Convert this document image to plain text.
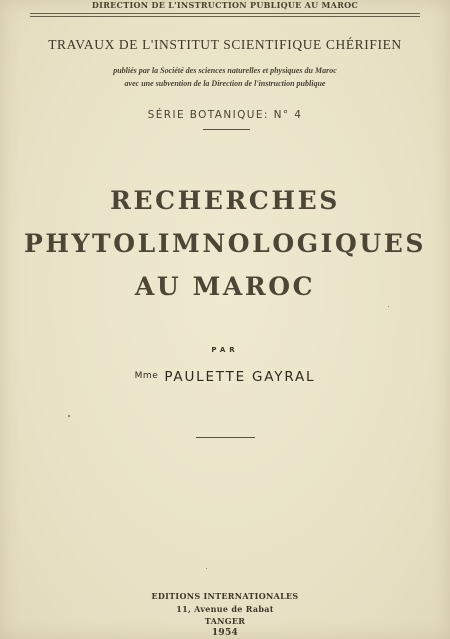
DIRECTION DE L'INSTRUCTION PUBLIQUE AU MAROC
TRAVAUX DE L'INSTITUT SCIENTIFIQUE CHÉRIFIEN
publiés par la Société des sciences naturelles et physiques du Maroc
avec une subvention de la Direction de l'instruction publique
SÉRIE BOTANIQUE: N° 4
RECHERCHES
PHYTOLIMNOLOGIQUES
AU MAROC
PAR
$^{Mme}$ PAULETTE GAYRAL
EDITIONS INTERNATIONALES
11, Avenue de Rabat
TANGER
1954
